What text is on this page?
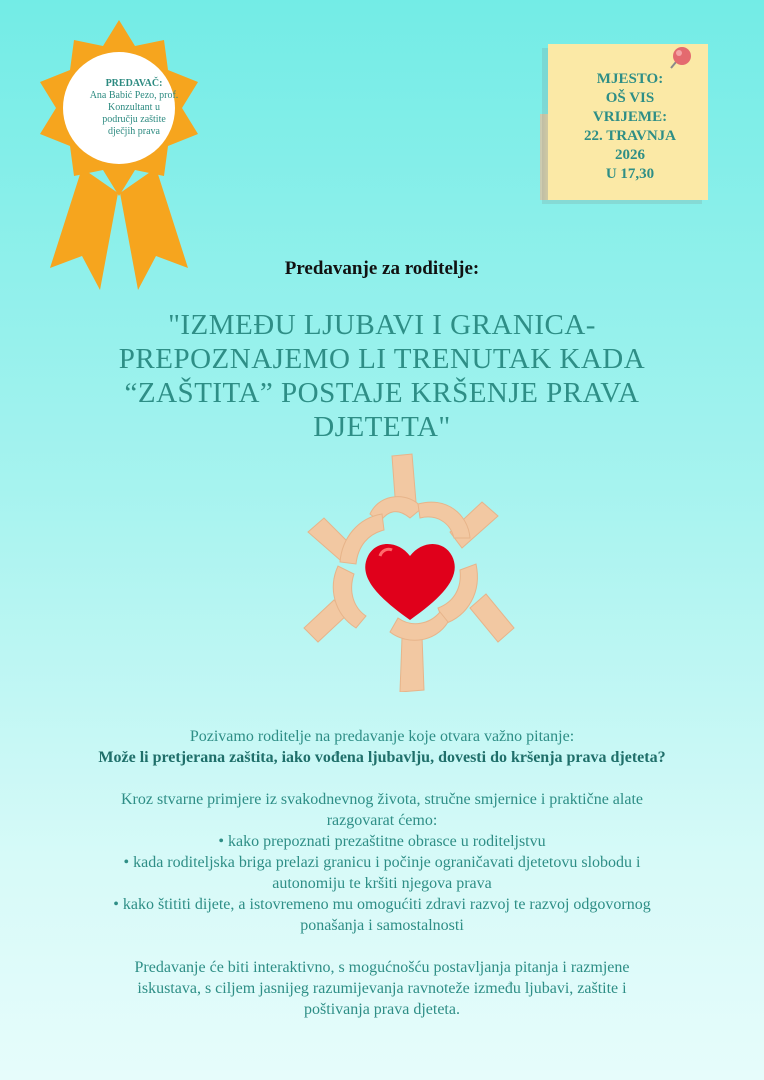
PREDAVAČ:
Ana Babić Pezo, prof.
Konzultant u
području zaštite
dječjih prava
MJESTO:
OŠ VIS
VRIJEME:
22. TRAVNJA
2026
U 17,30
Predavanje za roditelje:
"IZMEĐU LJUBAVI I GRANICA-
PREPOZNAJEMO LI TRENUTAK KADA
“ZAŠTITA” POSTAJE KRŠENJE PRAVA
DJETETA"

Pozivamo roditelje na predavanje koje otvara važno pitanje:

Može li pretjerana zaštita, iako vođena ljubavlju, dovesti do kršenja prava djeteta?

Kroz stvarne primjere iz svakodnevnog života, stručne smjernice i praktične alate

razgovarat ćemo:

• kako prepoznati prezaštitne obrasce u roditeljstvu

• kada roditeljska briga prelazi granicu i počinje ograničavati djetetovu slobodu i

autonomiju te kršiti njegova prava

• kako štititi dijete, a istovremeno mu omogućiti zdravi razvoj te razvoj odgovornog

ponašanja i samostalnosti

Predavanje će biti interaktivno, s mogućnošću postavljanja pitanja i razmjene

iskustava, s ciljem jasnijeg razumijevanja ravnoteže između ljubavi, zaštite i

poštivanja prava djeteta.
